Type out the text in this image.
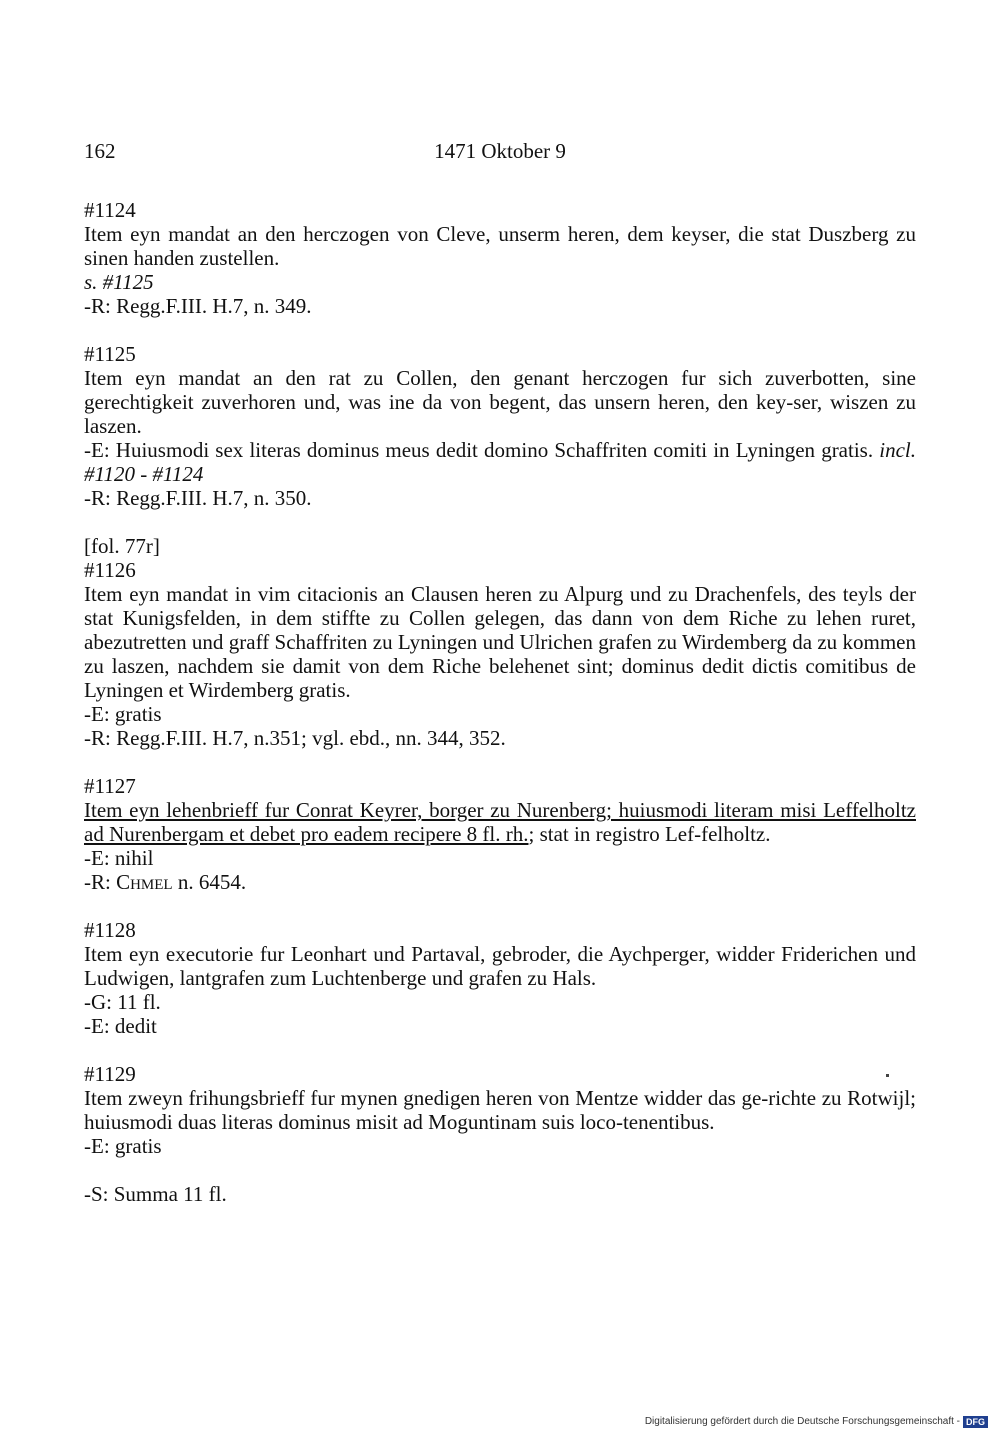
162	1471 Oktober 9

#1124

Item eyn mandat an den herczogen von Cleve, unserm heren, dem keyser, die stat Duszberg zu sinen handen zustellen.

s. #1125

-R: Regg.F.III. H.7, n. 349.

#1125

Item eyn mandat an den rat zu Collen, den genant herczogen fur sich zuverbotten, sine gerechtigkeit zuverhoren und, was ine da von begent, das unsern heren, den key-ser, wiszen zu laszen.

-E: Huiusmodi sex literas dominus meus dedit domino Schaffriten comiti in Lyningen gratis. incl. #1120 - #1124

-R: Regg.F.III. H.7, n. 350.

[fol. 77r]

#1126

Item eyn mandat in vim citacionis an Clausen heren zu Alpurg und zu Drachenfels, des teyls der stat Kunigsfelden, in dem stiffte zu Collen gelegen, das dann von dem Riche zu lehen ruret, abezutretten und graff Schaffriten zu Lyningen und Ulrichen grafen zu Wirdemberg da zu kommen zu laszen, nachdem sie damit von dem Riche belehenet sint; dominus dedit dictis comitibus de Lyningen et Wirdemberg gratis.

-E: gratis

-R: Regg.F.III. H.7, n.351; vgl. ebd., nn. 344, 352.

#1127

Item eyn lehenbrieff fur Conrat Keyrer, borger zu Nurenberg; huiusmodi literam misi Leffelholtz ad Nurenbergam et debet pro eadem recipere 8 fl. rh.; stat in registro Lef-felholtz.

-E: nihil

-R: Chmel n. 6454.

#1128

Item eyn executorie fur Leonhart und Partaval, gebroder, die Aychperger, widder Friderichen und Ludwigen, lantgrafen zum Luchtenberge und grafen zu Hals.

-G: 11 fl.

-E: dedit

#1129

Item zweyn frihungsbrieff fur mynen gnedigen heren von Mentze widder das ge-richte zu Rotwijl; huiusmodi duas literas dominus misit ad Moguntinam suis loco-tenentibus.

-E: gratis

-S: Summa 11 fl.

Digitalisierung gefördert durch die Deutsche Forschungsgemeinschaft - DFG
